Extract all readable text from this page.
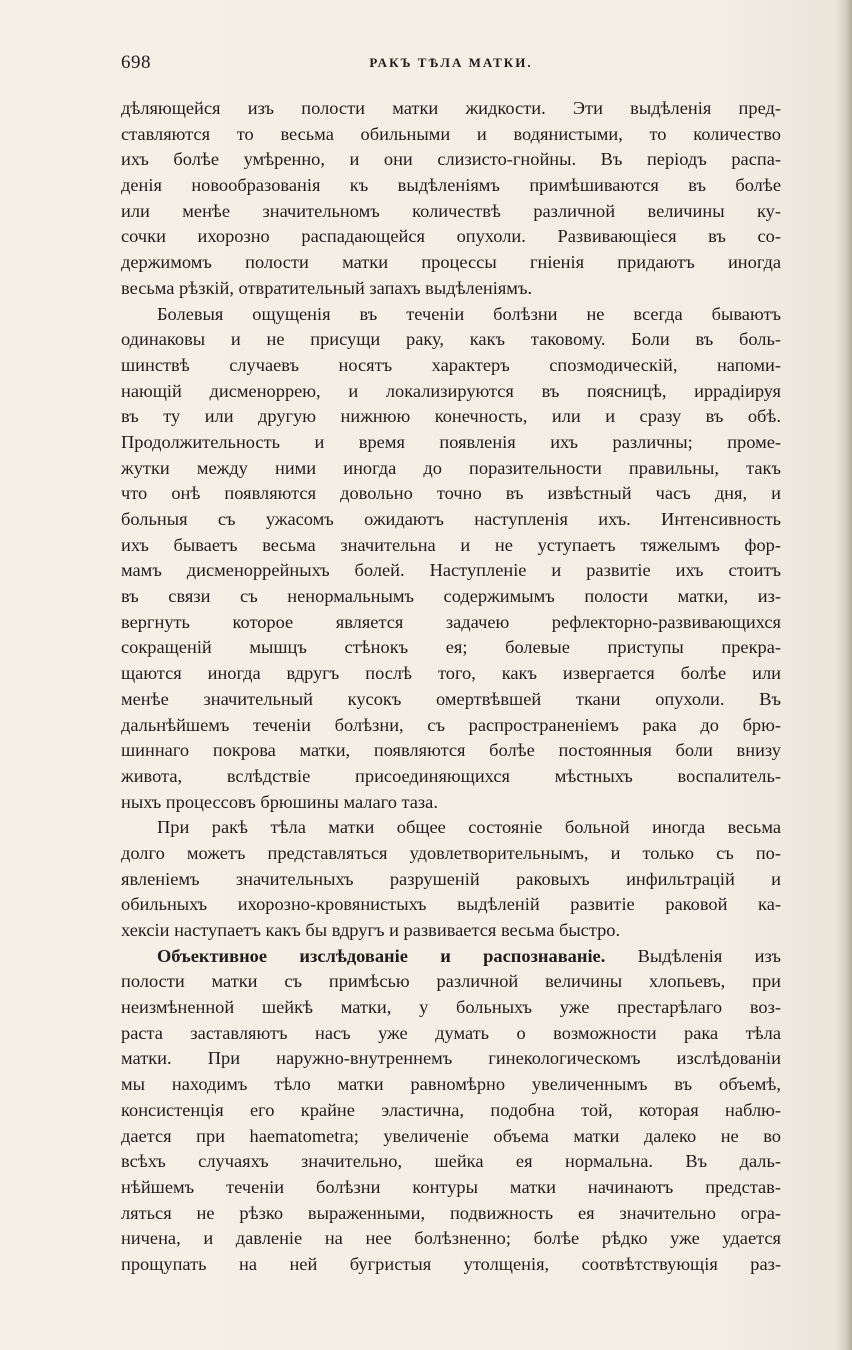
698	РАКЪ ТѢЛА МАТКИ.
дѣляющейся изъ полости матки жидкости. Эти выдѣленія пред-
ставляются то весьма обильными и водянистыми, то количество
ихъ болѣе умѣренно, и они слизисто-гнойны. Въ періодъ распа-
денія новообразованія къ выдѣленіямъ примѣшиваются въ болѣе
или менѣе значительномъ количествѣ различной величины ку-
сочки ихорозно распадающейся опухоли. Развивающіеся въ со-
держимомъ полости матки процессы гніенія придаютъ иногда
весьма рѣзкій, отвратительный запахъ выдѣленіямъ.
Болевыя ощущенія въ теченіи болѣзни не всегда бываютъ
одинаковы и не присущи раку, какъ таковому. Боли въ боль-
шинствѣ случаевъ носятъ характеръ спозмодическій, напоми-
нающій дисменоррею, и локализируются въ поясницѣ, иррадіируя
въ ту или другую нижнюю конечность, или и сразу въ обѣ.
Продолжительность и время появленія ихъ различны; проме-
жутки между ними иногда до поразительности правильны, такъ
что онѣ появляются довольно точно въ извѣстный часъ дня, и
больныя съ ужасомъ ожидаютъ наступленія ихъ. Интенсивность
ихъ бываетъ весьма значительна и не уступаетъ тяжелымъ фор-
мамъ дисменоррейныхъ болей. Наступленіе и развитіе ихъ стоитъ
въ связи съ ненормальнымъ содержимымъ полости матки, из-
вергнуть которое является задачею рефлекторно-развивающихся
сокращеній мышцъ стѣнокъ ея; болевые приступы прекра-
щаются иногда вдругъ послѣ того, какъ извергается болѣе или
менѣе значительный кусокъ омертвѣвшей ткани опухоли. Въ
дальнѣйшемъ теченіи болѣзни, съ распространеніемъ рака до брю-
шиннаго покрова матки, появляются болѣе постоянныя боли внизу
живота, вслѣдствіе присоединяющихся мѣстныхъ воспалитель-
ныхъ процессовъ брюшины малаго таза.
При ракѣ тѣла матки общее состояніе больной иногда весьма
долго можетъ представляться удовлетворительнымъ, и только съ по-
явленіемъ значительныхъ разрушеній раковыхъ инфильтрацій и
обильныхъ ихорозно-кровянистыхъ выдѣленій развитіе раковой ка-
хексіи наступаетъ какъ бы вдругъ и развивается весьма быстро.
Объективное изслѣдованіе и распознаваніе. Выдѣленія изъ
полости матки съ примѣсью различной величины хлопьевъ, при
неизмѣненной шейкѣ матки, у больныхъ уже престарѣлаго воз-
раста заставляютъ насъ уже думать о возможности рака тѣла
матки. При наружно-внутреннемъ гинекологическомъ изслѣдованіи
мы находимъ тѣло матки равномѣрно увеличеннымъ въ объемѣ,
консистенція его крайне эластична, подобна той, которая наблю-
дается при haematometra; увеличеніе объема матки далеко не во
всѣхъ случаяхъ значительно, шейка ея нормальна. Въ даль-
нѣйшемъ теченіи болѣзни контуры матки начинаютъ представ-
ляться не рѣзко выраженными, подвижность ея значительно огра-
ничена, и давленіе на нее болѣзненно; болѣе рѣдко уже удается
прощупать на ней бугристыя утолщенія, соотвѣтствующія раз-
